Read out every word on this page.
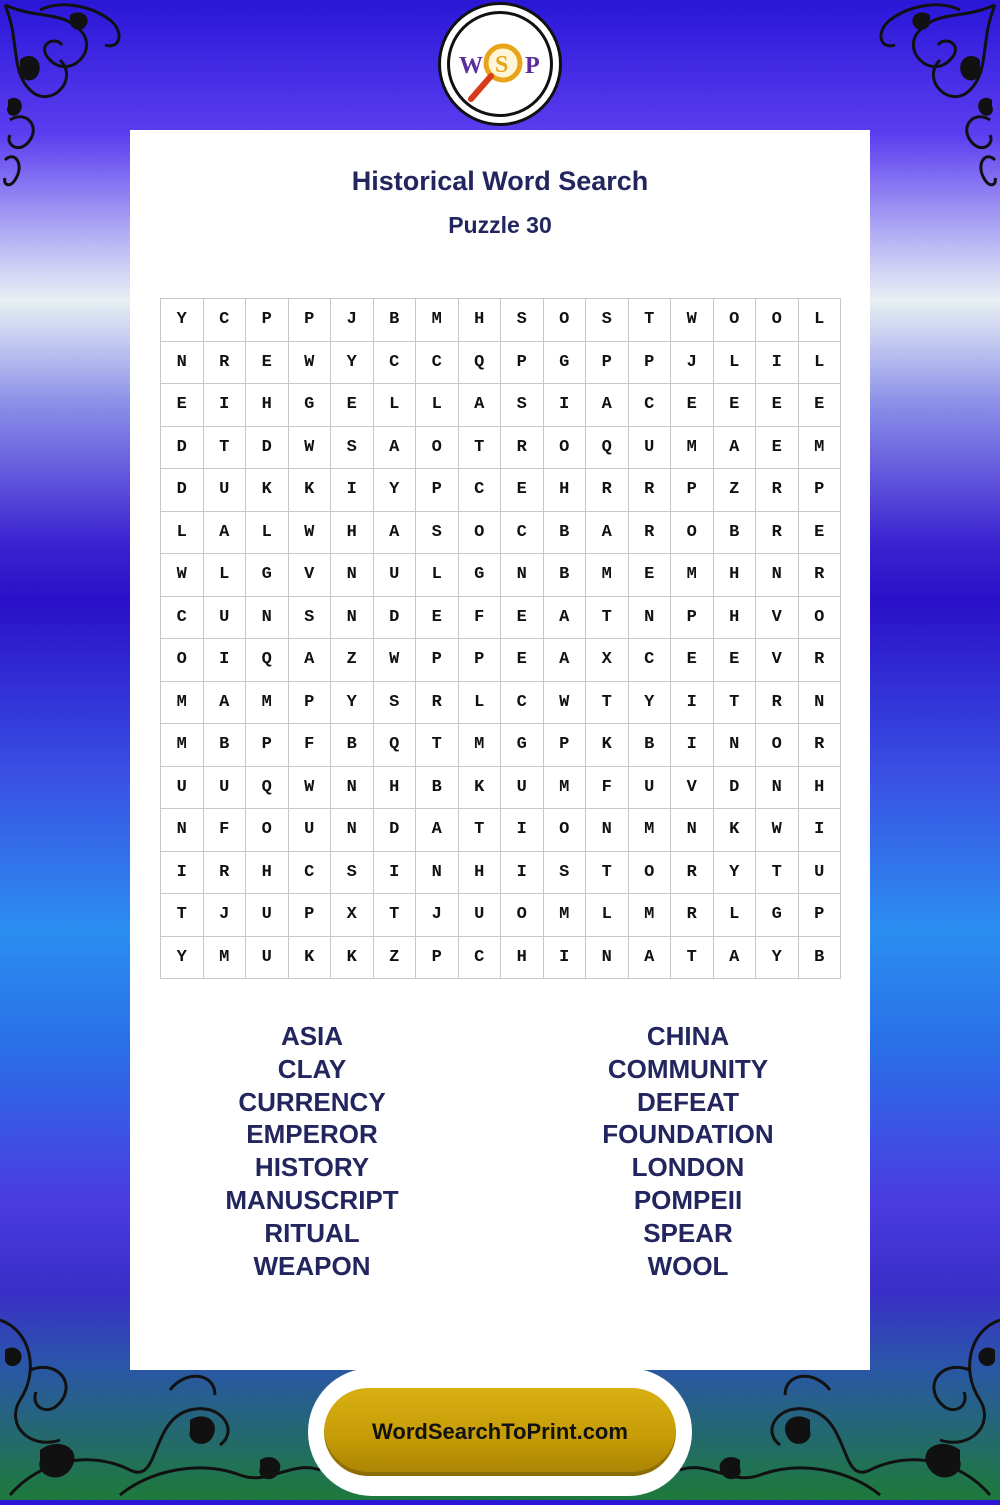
W S P
Historical Word Search
Puzzle 30
Y	C	P	P	J	B	M	H	S	O	S	T	W	O	O	L
N	R	E	W	Y	C	C	Q	P	G	P	P	J	L	I	L
E	I	H	G	E	L	L	A	S	I	A	C	E	E	E	E
D	T	D	W	S	A	O	T	R	O	Q	U	M	A	E	M
D	U	K	K	I	Y	P	C	E	H	R	R	P	Z	R	P
L	A	L	W	H	A	S	O	C	B	A	R	O	B	R	E
W	L	G	V	N	U	L	G	N	B	M	E	M	H	N	R
C	U	N	S	N	D	E	F	E	A	T	N	P	H	V	O
O	I	Q	A	Z	W	P	P	E	A	X	C	E	E	V	R
M	A	M	P	Y	S	R	L	C	W	T	Y	I	T	R	N
M	B	P	F	B	Q	T	M	G	P	K	B	I	N	O	R
U	U	Q	W	N	H	B	K	U	M	F	U	V	D	N	H
N	F	O	U	N	D	A	T	I	O	N	M	N	K	W	I
I	R	H	C	S	I	N	H	I	S	T	O	R	Y	T	U
T	J	U	P	X	T	J	U	O	M	L	M	R	L	G	P
Y	M	U	K	K	Z	P	C	H	I	N	A	T	A	Y	B
ASIA
CLAY
CURRENCY
EMPEROR
HISTORY
MANUSCRIPT
RITUAL
WEAPON
CHINA
COMMUNITY
DEFEAT
FOUNDATION
LONDON
POMPEII
SPEAR
WOOL
WordSearchToPrint.com
